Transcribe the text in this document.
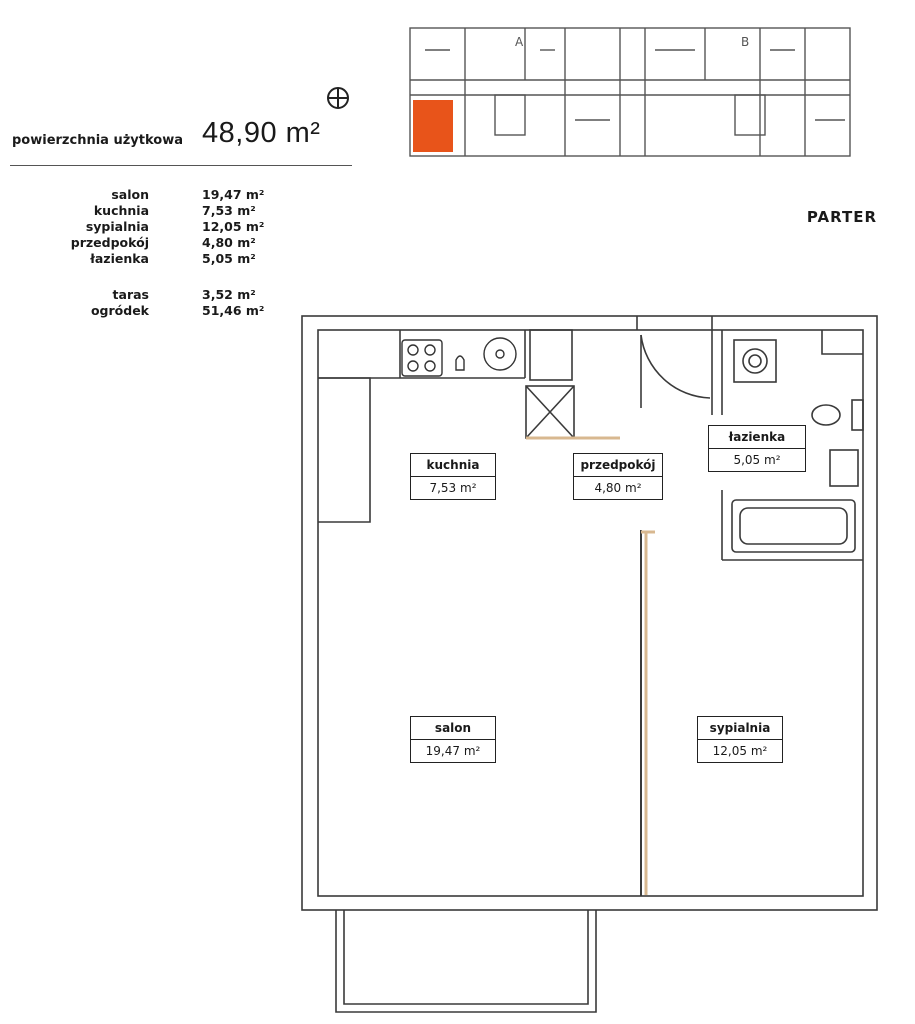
powierzchnia użytkowa 48,90 m²
salon	19,47 m²
kuchnia	7,53 m²
sypialnia	12,05 m²
przedpokój	4,80 m²
łazienka	5,05 m²
taras	3,52 m²
ogródek	51,46 m²
PARTER
A	B
kuchnia
7,53 m²
przedpokój
4,80 m²
łazienka
5,05 m²
salon
19,47 m²
sypialnia
12,05 m²
